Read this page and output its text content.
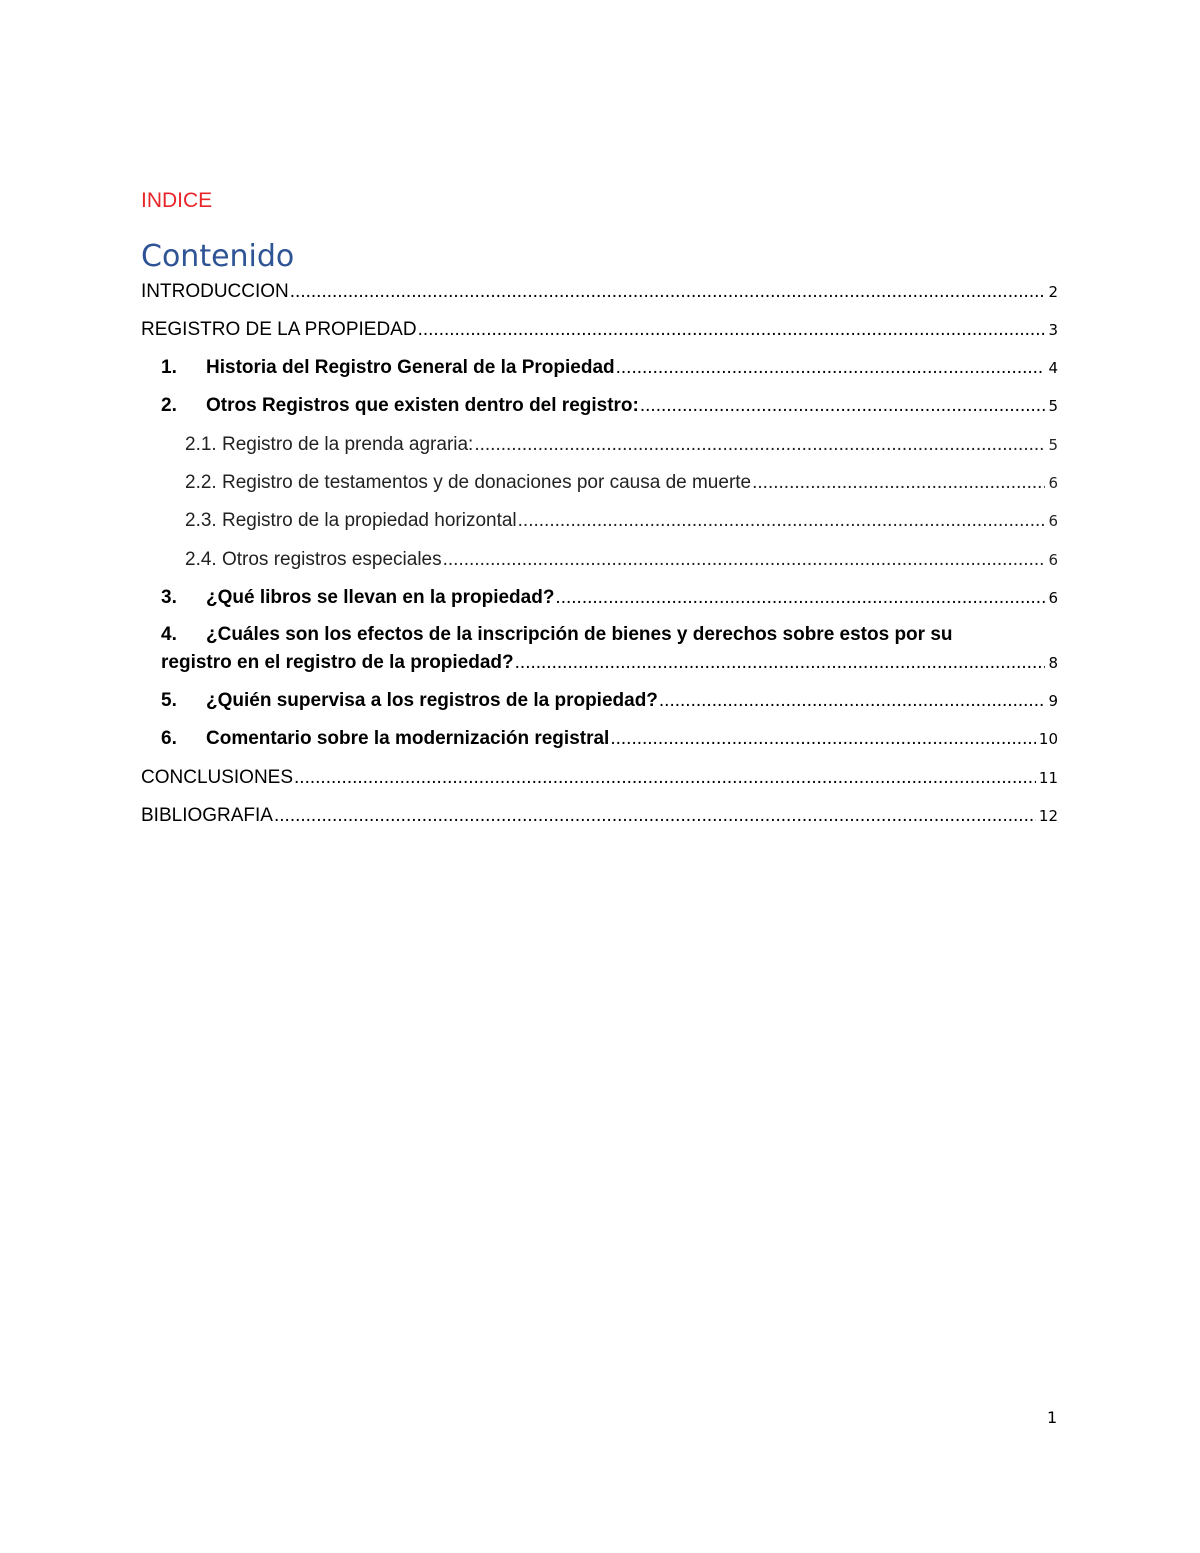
INDICE
Contenido
INTRODUCCION .....	2
REGISTRO DE LA PROPIEDAD .....	3
1.	Historia del Registro General de la Propiedad .....	4
2.	Otros Registros que existen dentro del registro: .....	5
2.1. Registro de la prenda agraria: .....	5
2.2. Registro de testamentos y de donaciones por causa de muerte .....	6
2.3. Registro de la propiedad horizontal .....	6
2.4. Otros registros especiales .....	6
3.	¿Qué libros se llevan en la propiedad? .....	6
4.	¿Cuáles son los efectos de la inscripción de bienes y derechos sobre estos por su
registro en el registro de la propiedad? .....	8
5.	¿Quién supervisa a los registros de la propiedad? .....	9
6.	Comentario sobre la modernización registral .....	10
CONCLUSIONES .....	11
BIBLIOGRAFIA .....	12
1
